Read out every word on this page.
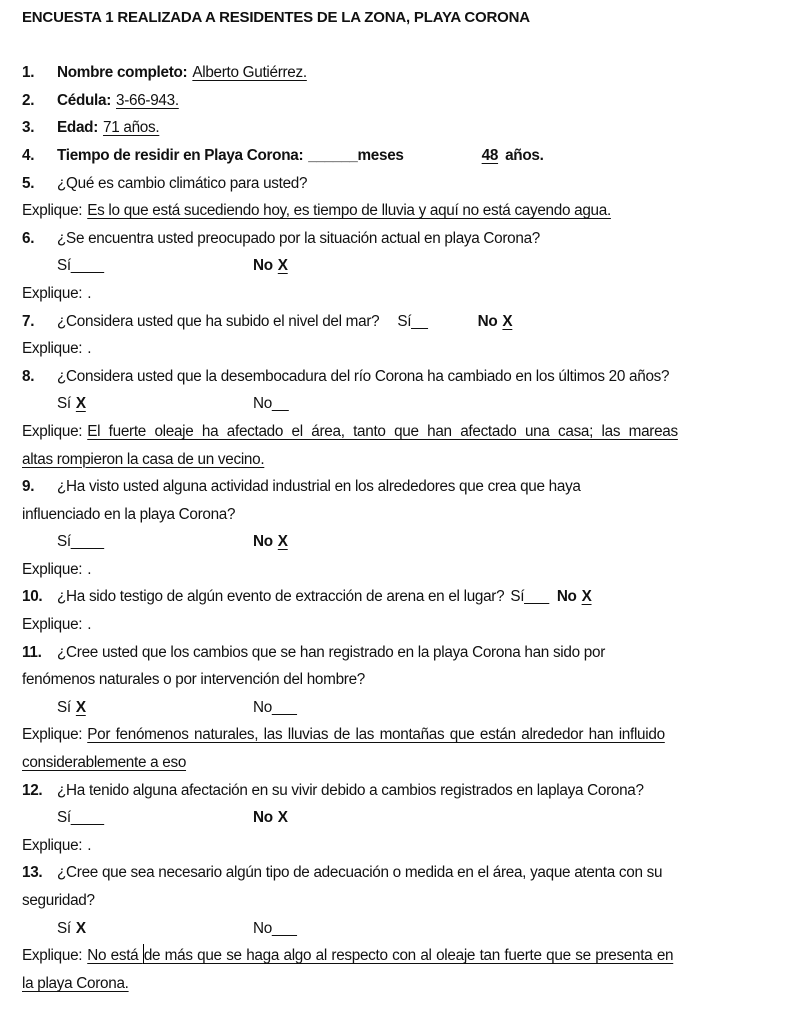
ENCUESTA 1 REALIZADA A RESIDENTES DE LA ZONA, PLAYA CORONA
1. Nombre completo: Alberto Gutiérrez.
2. Cédula: 3-66-943.
3. Edad: 71 años.
4. Tiempo de residir en Playa Corona: ______meses	48 años.
5. ¿Qué es cambio climático para usted?
Explique: Es lo que está sucediendo hoy, es tiempo de lluvia y aquí no está cayendo agua.
6. ¿Se encuentra usted preocupado por la situación actual en playa Corona?
Sí____	No X
Explique: .
7. ¿Considera usted que ha subido el nivel del mar? Sí__	No X
Explique: .
8. ¿Considera usted que la desembocadura del río Corona ha cambiado en los últimos 20 años?
Sí X	No__
Explique: El fuerte oleaje ha afectado el área, tanto que han afectado una casa; las mareas
altas rompieron la casa de un vecino.
9. ¿Ha visto usted alguna actividad industrial en los alrededores que crea que haya
influenciado en la playa Corona?
Sí____	No X
Explique: .
10. ¿Ha sido testigo de algún evento de extracción de arena en el lugar? Sí___ No X
Explique: .
11. ¿Cree usted que los cambios que se han registrado en la playa Corona han sido por
fenómenos naturales o por intervención del hombre?
Sí X	No___
Explique: Por fenómenos naturales, las lluvias de las montañas que están alrededor han influido
considerablemente a eso
12. ¿Ha tenido alguna afectación en su vivir debido a cambios registrados en laplaya Corona?
Sí____	No X
Explique: .
13. ¿Cree que sea necesario algún tipo de adecuación o medida en el área, yaque atenta con su
seguridad?
Sí X	No___
Explique: No está de más que se haga algo al respecto con al oleaje tan fuerte que se presenta en
la playa Corona.
